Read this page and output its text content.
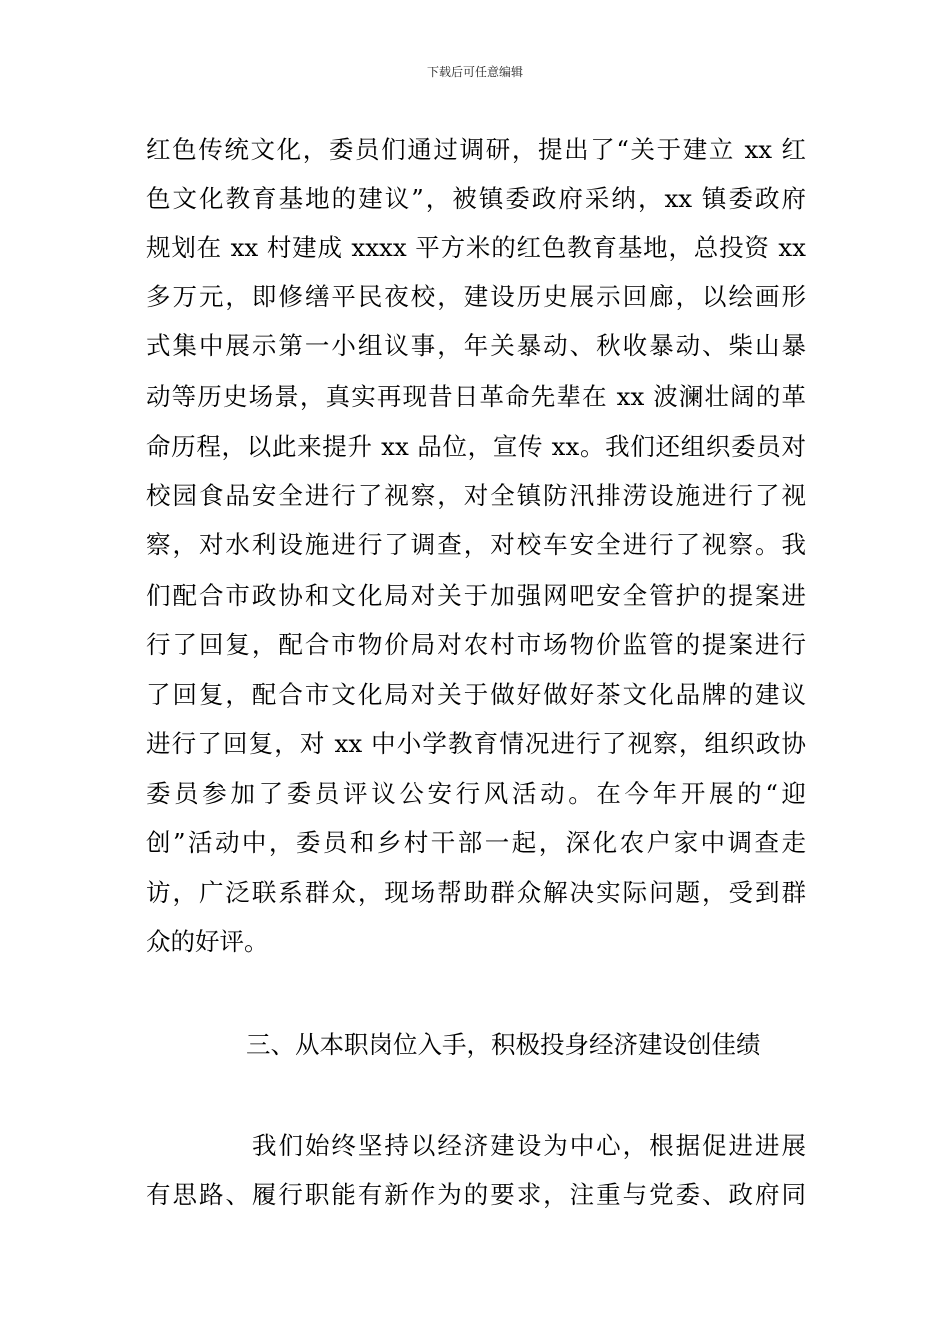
下载后可任意编辑
红色传统文化，委员们通过调研，提出了“关于建立 xx 红
色文化教育基地的建议”，被镇委政府采纳，xx 镇委政府
规划在 xx 村建成 xxxx 平方米的红色教育基地，总投资 xx
多万元，即修缮平民夜校，建设历史展示回廊，以绘画形
式集中展示第一小组议事，年关暴动、秋收暴动、柴山暴
动等历史场景，真实再现昔日革命先辈在 xx 波澜壮阔的革
命历程，以此来提升 xx 品位，宣传 xx。我们还组织委员对
校园食品安全进行了视察，对全镇防汛排涝设施进行了视
察，对水利设施进行了调查，对校车安全进行了视察。我
们配合市政协和文化局对关于加强网吧安全管护的提案进
行了回复，配合市物价局对农村市场物价监管的提案进行
了回复，配合市文化局对关于做好做好茶文化品牌的建议
进行了回复，对 xx 中小学教育情况进行了视察，组织政协
委员参加了委员评议公安行风活动。在今年开展的“迎
创”活动中，委员和乡村干部一起，深化农户家中调查走
访，广泛联系群众，现场帮助群众解决实际问题，受到群
众的好评。
三、从本职岗位入手，积极投身经济建设创佳绩
我们始终坚持以经济建设为中心，根据促进进展
有思路、履行职能有新作为的要求，注重与党委、政府同
